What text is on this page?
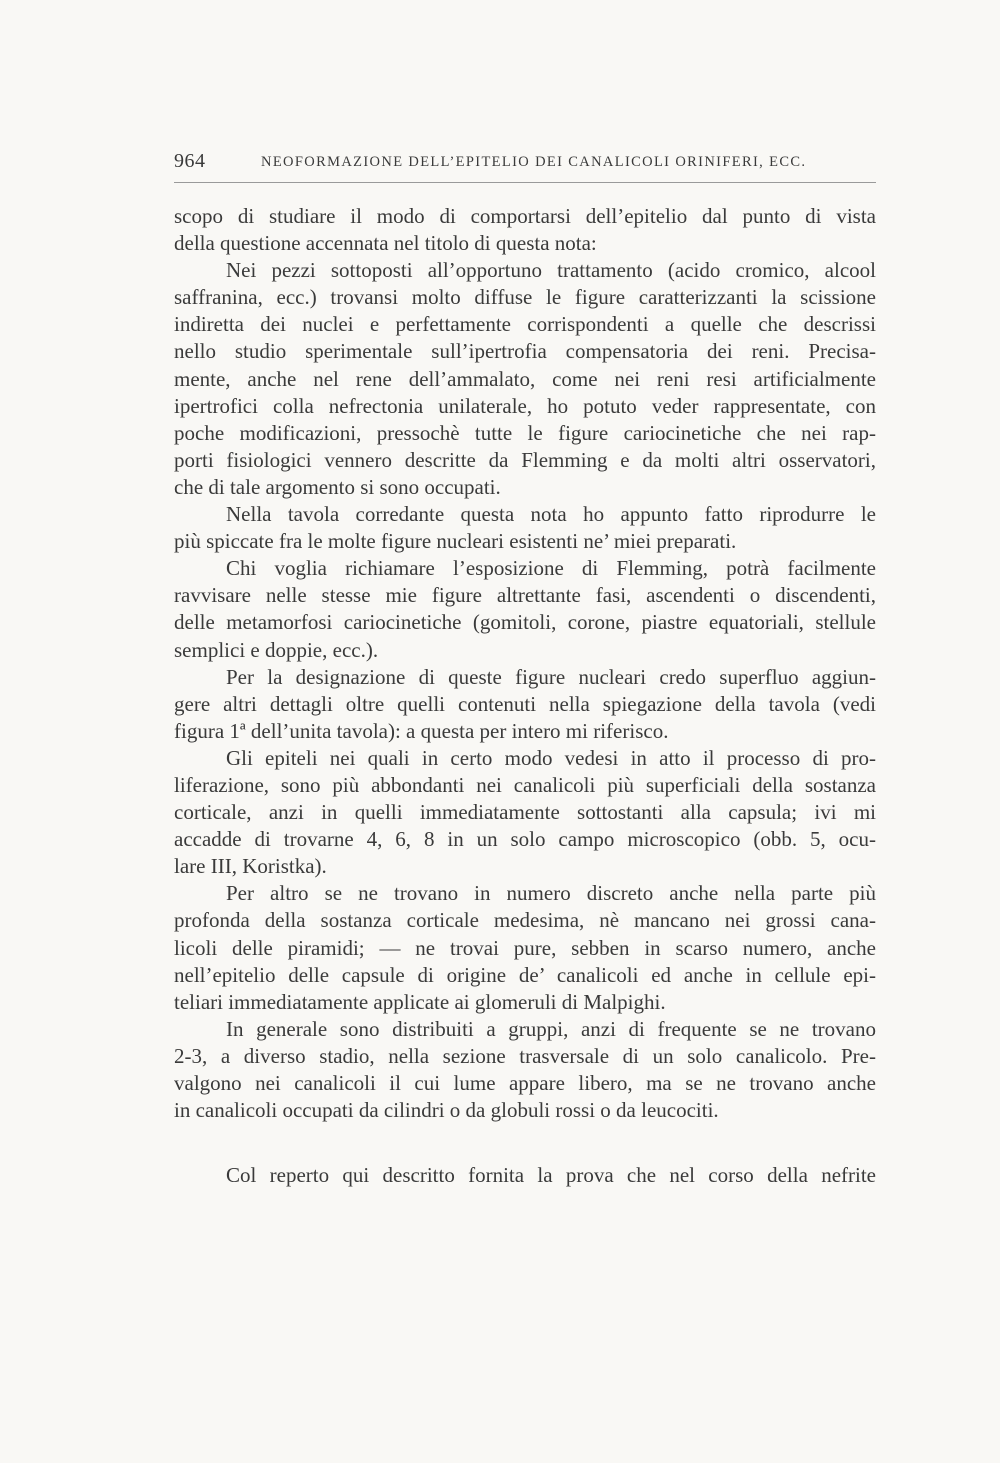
964	NEOFORMAZIONE DELL’EPITELIO DEI CANALICOLI ORINIFERI, ECC.

scopo di studiare il modo di comportarsi dell’epitelio dal punto di vista
della questione accennata nel titolo di questa nota:

Nei pezzi sottoposti all’opportuno trattamento (acido cromico, alcool
saffranina, ecc.) trovansi molto diffuse le figure caratterizzanti la scissione
indiretta dei nuclei e perfettamente corrispondenti a quelle che descrissi
nello studio sperimentale sull’ipertrofia compensatoria dei reni. Precisa-
mente, anche nel rene dell’ammalato, come nei reni resi artificialmente
ipertrofici colla nefrectonia unilaterale, ho potuto veder rappresentate, con
poche modificazioni, pressochè tutte le figure cariocinetiche che nei rap-
porti fisiologici vennero descritte da Flemming e da molti altri osservatori,
che di tale argomento si sono occupati.

Nella tavola corredante questa nota ho appunto fatto riprodurre le
più spiccate fra le molte figure nucleari esistenti ne’ miei preparati.

Chi voglia richiamare l’esposizione di Flemming, potrà facilmente
ravvisare nelle stesse mie figure altrettante fasi, ascendenti o discendenti,
delle metamorfosi cariocinetiche (gomitoli, corone, piastre equatoriali, stellule
semplici e doppie, ecc.).

Per la designazione di queste figure nucleari credo superfluo aggiun-
gere altri dettagli oltre quelli contenuti nella spiegazione della tavola (vedi
figura 1ª dell’unita tavola): a questa per intero mi riferisco.

Gli epiteli nei quali in certo modo vedesi in atto il processo di pro-
liferazione, sono più abbondanti nei canalicoli più superficiali della sostanza
corticale, anzi in quelli immediatamente sottostanti alla capsula; ivi mi
accadde di trovarne 4, 6, 8 in un solo campo microscopico (obb. 5, ocu-
lare III, Koristka).

Per altro se ne trovano in numero discreto anche nella parte più
profonda della sostanza corticale medesima, nè mancano nei grossi cana-
licoli delle piramidi; — ne trovai pure, sebben in scarso numero, anche
nell’epitelio delle capsule di origine de’ canalicoli ed anche in cellule epi-
teliari immediatamente applicate ai glomeruli di Malpighi.

In generale sono distribuiti a gruppi, anzi di frequente se ne trovano
2-3, a diverso stadio, nella sezione trasversale di un solo canalicolo. Pre-
valgono nei canalicoli il cui lume appare libero, ma se ne trovano anche
in canalicoli occupati da cilindri o da globuli rossi o da leucociti.

Col reperto qui descritto fornita la prova che nel corso della nefrite
